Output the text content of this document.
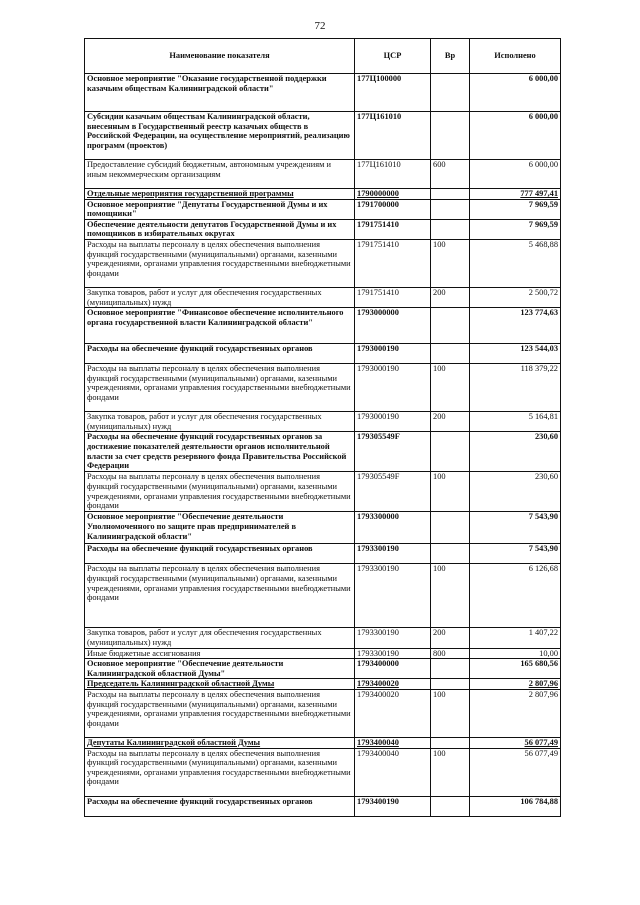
72
Наименование показателя	ЦСР	Вр	Исполнено
Основное мероприятие "Оказание государственной поддержки казачьим обществам Калининградской области"	177Ц100000		6 000,00
Субсидии казачьим обществам Калининградской области, внесенным в Государственный реестр казачьих обществ в Российской Федерации, на осуществление мероприятий, реализацию программ (проектов)	177Ц161010		6 000,00
Предоставление субсидий бюджетным, автономным учреждениям и иным некоммерческим организациям	177Ц161010	600	6 000,00
Отдельные мероприятия государственной программы	1790000000		777 497,41
Основное мероприятие "Депутаты Государственной Думы и их помощники"	1791700000		7 969,59
Обеспечение деятельности депутатов Государственной Думы и их помощников в избирательных округах	1791751410		7 969,59
Расходы на выплаты персоналу в целях обеспечения выполнения функций государственными (муниципальными) органами, казенными учреждениями, органами управления государственными внебюджетными фондами	1791751410	100	5 468,88
Закупка товаров, работ и услуг для обеспечения государственных (муниципальных) нужд	1791751410	200	2 500,72
Основное мероприятие "Финансовое обеспечение исполнительного органа государственной власти Калининградской области"	1793000000		123 774,63
Расходы на обеспечение функций государственных органов	1793000190		123 544,03
Расходы на выплаты персоналу в целях обеспечения выполнения функций государственными (муниципальными) органами, казенными учреждениями, органами управления государственными внебюджетными фондами	1793000190	100	118 379,22
Закупка товаров, работ и услуг для обеспечения государственных (муниципальных) нужд	1793000190	200	5 164,81
Расходы на обеспечение функций государственных органов за достижение показателей деятельности органов исполнительной власти за счет средств резервного фонда Правительства Российской Федерации	179305549F		230,60
Расходы на выплаты персоналу в целях обеспечения выполнения функций государственными (муниципальными) органами, казенными учреждениями, органами управления государственными внебюджетными фондами	179305549F	100	230,60
Основное мероприятие "Обеспечение деятельности Уполномоченного по защите прав предпринимателей в Калининградской области"	1793300000		7 543,90
Расходы на обеспечение функций государственных органов	1793300190		7 543,90
Расходы на выплаты персоналу в целях обеспечения выполнения функций государственными (муниципальными) органами, казенными учреждениями, органами управления государственными внебюджетными фондами	1793300190	100	6 126,68
Закупка товаров, работ и услуг для обеспечения государственных (муниципальных) нужд	1793300190	200	1 407,22
Иные бюджетные ассигнования	1793300190	800	10,00
Основное мероприятие "Обеспечение деятельности Калининградской областной Думы"	1793400000		165 680,56
Председатель Калининградской областной Думы	1793400020		2 807,96
Расходы на выплаты персоналу в целях обеспечения выполнения функций государственными (муниципальными) органами, казенными учреждениями, органами управления государственными внебюджетными фондами	1793400020	100	2 807,96
Депутаты Калининградской областной Думы	1793400040		56 077,49
Расходы на выплаты персоналу в целях обеспечения выполнения функций государственными (муниципальными) органами, казенными учреждениями, органами управления государственными внебюджетными фондами	1793400040	100	56 077,49
Расходы на обеспечение функций государственных органов	1793400190		106 784,88
